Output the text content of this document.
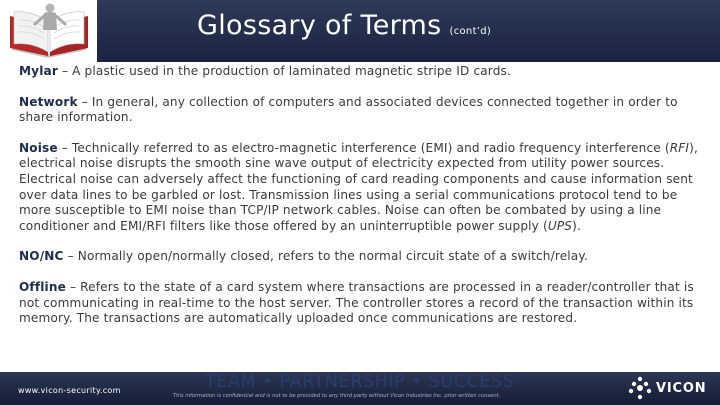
Glossary of Terms (cont’d)
Mylar – A plastic used in the production of laminated magnetic stripe ID cards.
Network – In general, any collection of computers and associated devices connected together in order to share information.
Noise – Technically referred to as electro-magnetic interference (EMI) and radio frequency interference (RFI), electrical noise disrupts the smooth sine wave output of electricity expected from utility power sources. Electrical noise can adversely affect the functioning of card reading components and cause information sent over data lines to be garbled or lost. Transmission lines using a serial communications protocol tend to be more susceptible to EMI noise than TCP/IP network cables. Noise can often be combated by using a line conditioner and EMI/RFI filters like those offered by an uninterruptible power supply (UPS).
NO/NC – Normally open/normally closed, refers to the normal circuit state of a switch/relay.
Offline – Refers to the state of a card system where transactions are processed in a reader/controller that is not communicating in real-time to the host server. The controller stores a record of the transaction within its memory. The transactions are automatically uploaded once communications are restored.
www.vicon-security.com	TEAM • PARTNERSHIP • SUCCESS
This information is confidential and is not to be provided to any third party without Vicon Industries Inc. prior written consent.	VICON
